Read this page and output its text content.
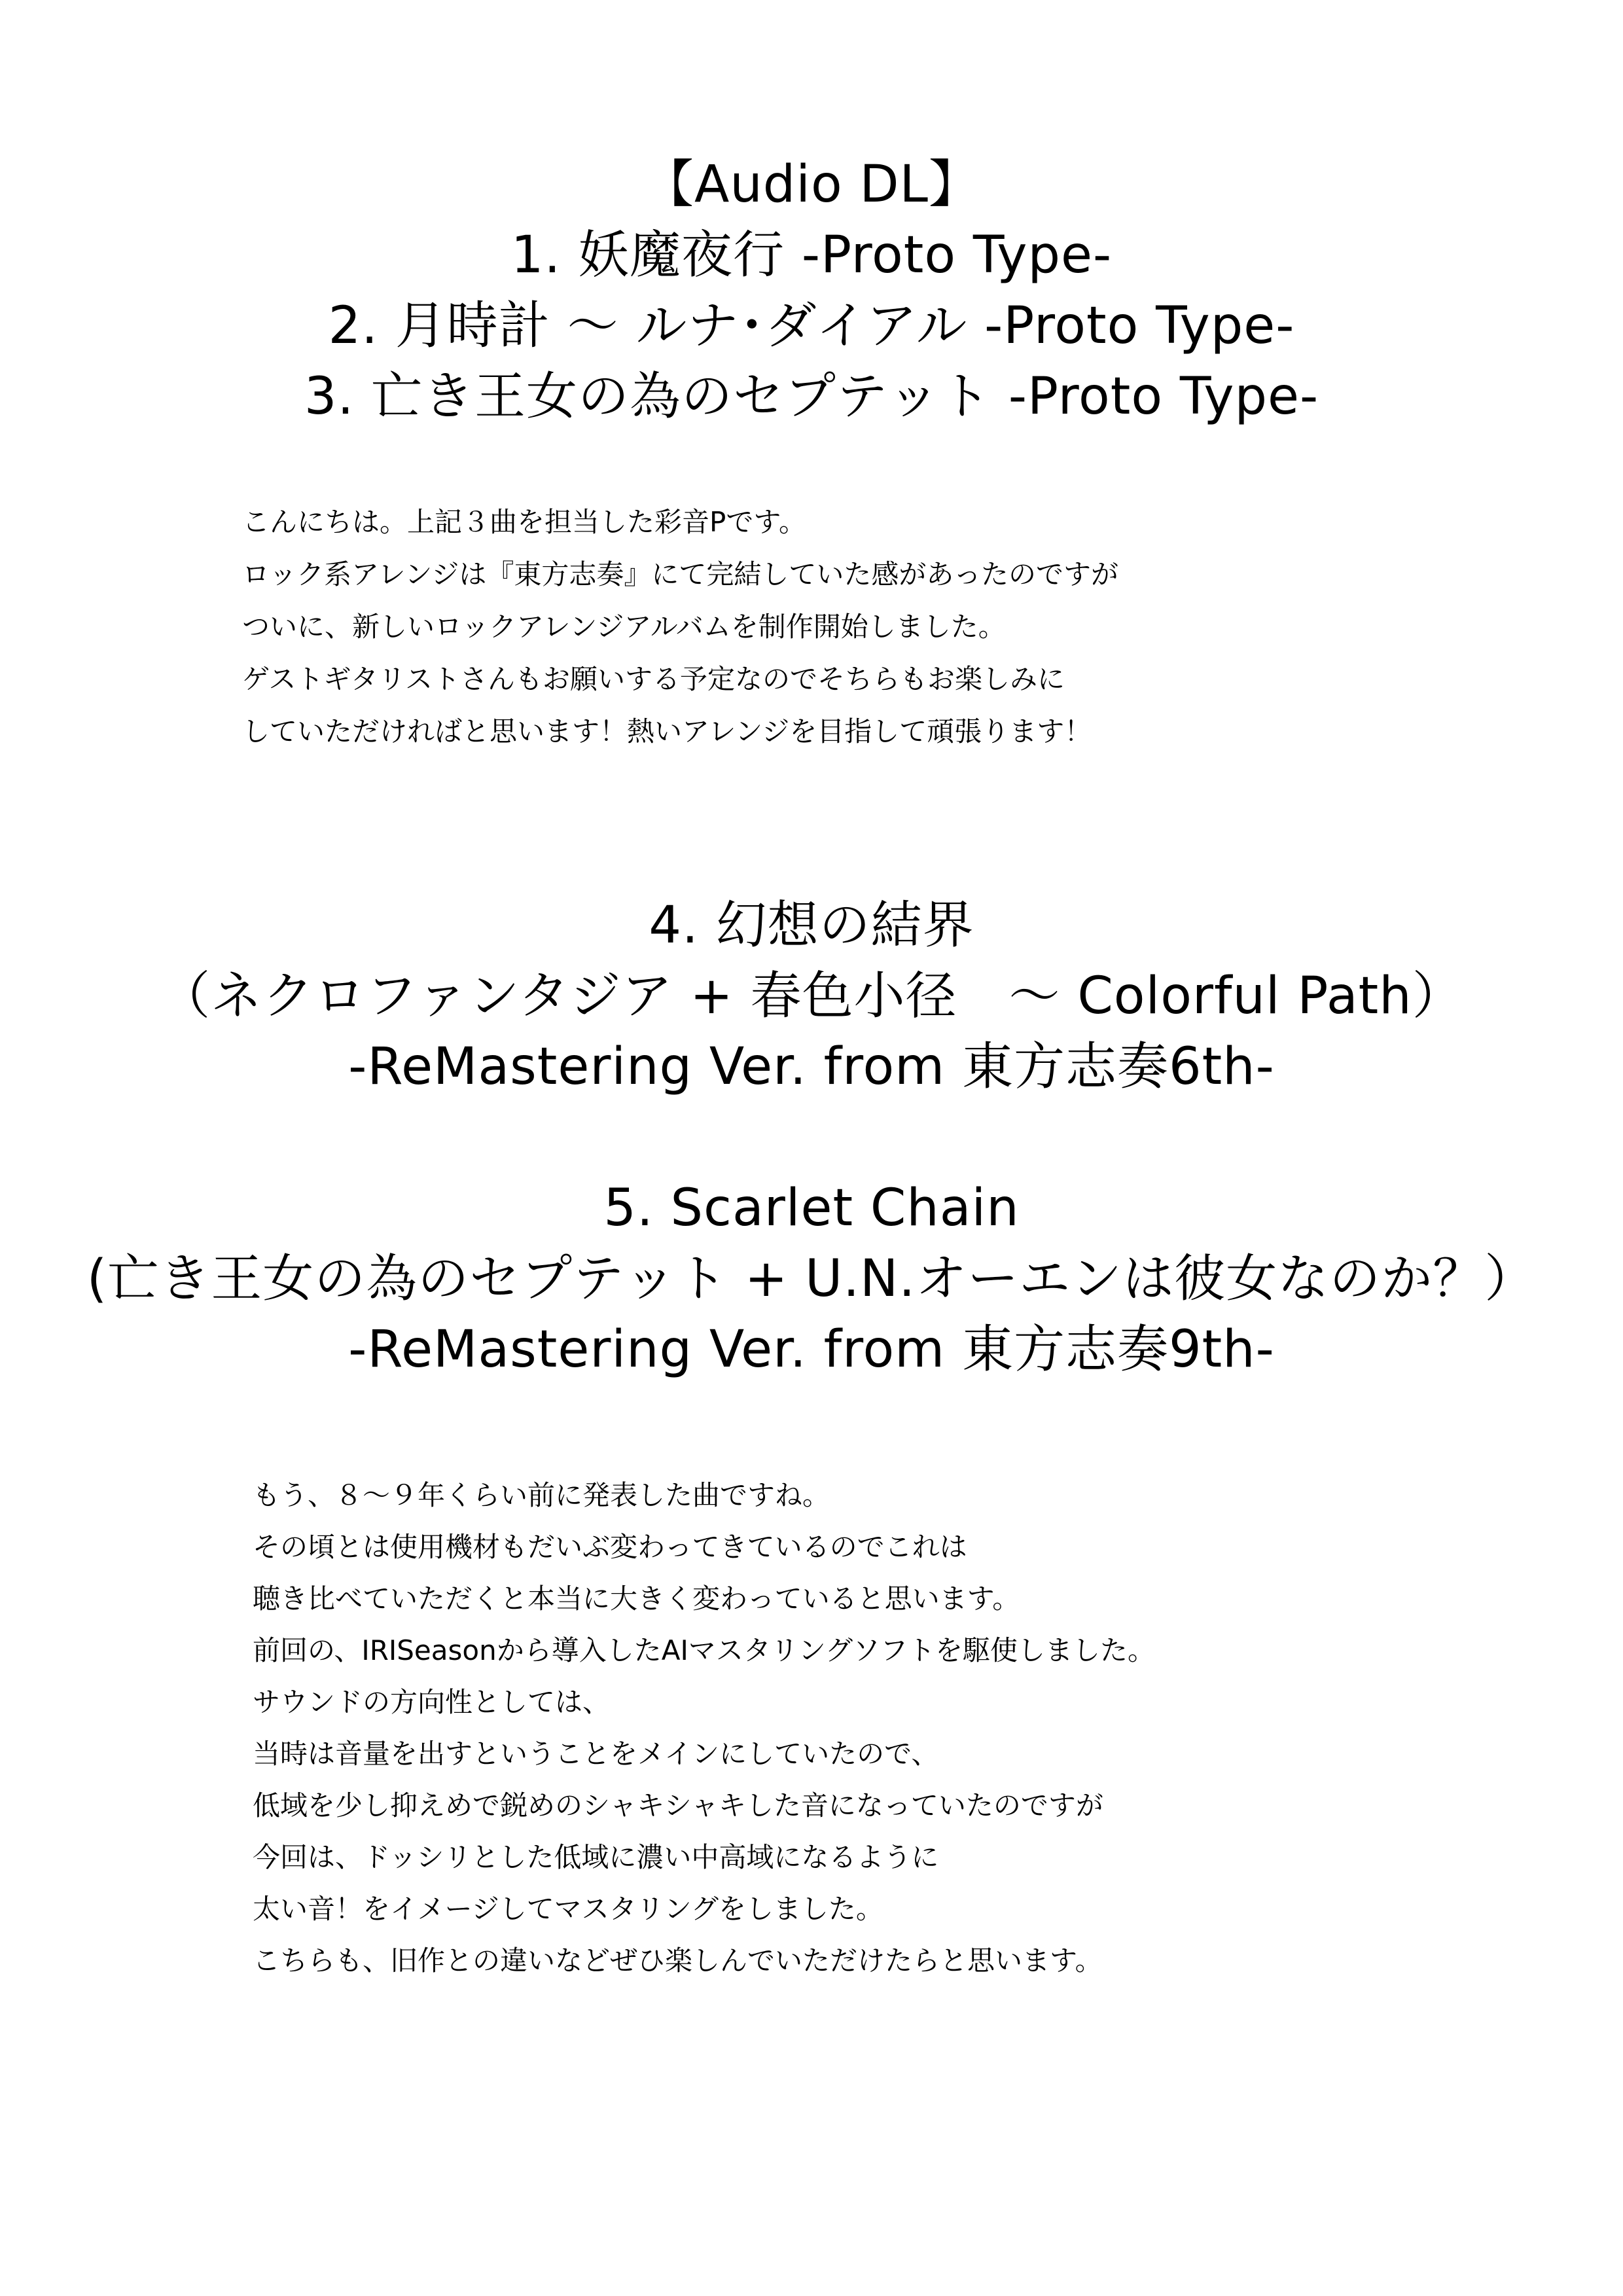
【Audio DL】
1. 妖魔夜行 -Proto Type-
2. 月時計 ～ ルナ･ダイアル -Proto Type-
3. 亡き王女の為のセプテット -Proto Type-
こんにちは。上記３曲を担当した彩音Pです。
ロック系アレンジは『東方志奏』にて完結していた感があったのですが
ついに、新しいロックアレンジアルバムを制作開始しました。
ゲストギタリストさんもお願いする予定なのでそちらもお楽しみに
していただければと思います！熱いアレンジを目指して頑張ります！
4. 幻想の結界
（ネクロファンタジア + 春色小径　～ Colorful Path）
-ReMastering Ver. from 東方志奏6th-
5. Scarlet Chain
(亡き王女の為のセプテット + U.N.オーエンは彼女なのか？）
-ReMastering Ver. from 東方志奏9th-
もう、８～９年くらい前に発表した曲ですね。
その頃とは使用機材もだいぶ変わってきているのでこれは
聴き比べていただくと本当に大きく変わっていると思います。
前回の、IRISeasonから導入したAIマスタリングソフトを駆使しました。
サウンドの方向性としては、
当時は音量を出すということをメインにしていたので、
低域を少し抑えめで鋭めのシャキシャキした音になっていたのですが
今回は、ドッシリとした低域に濃い中高域になるように
太い音！をイメージしてマスタリングをしました。
こちらも、旧作との違いなどぜひ楽しんでいただけたらと思います。
